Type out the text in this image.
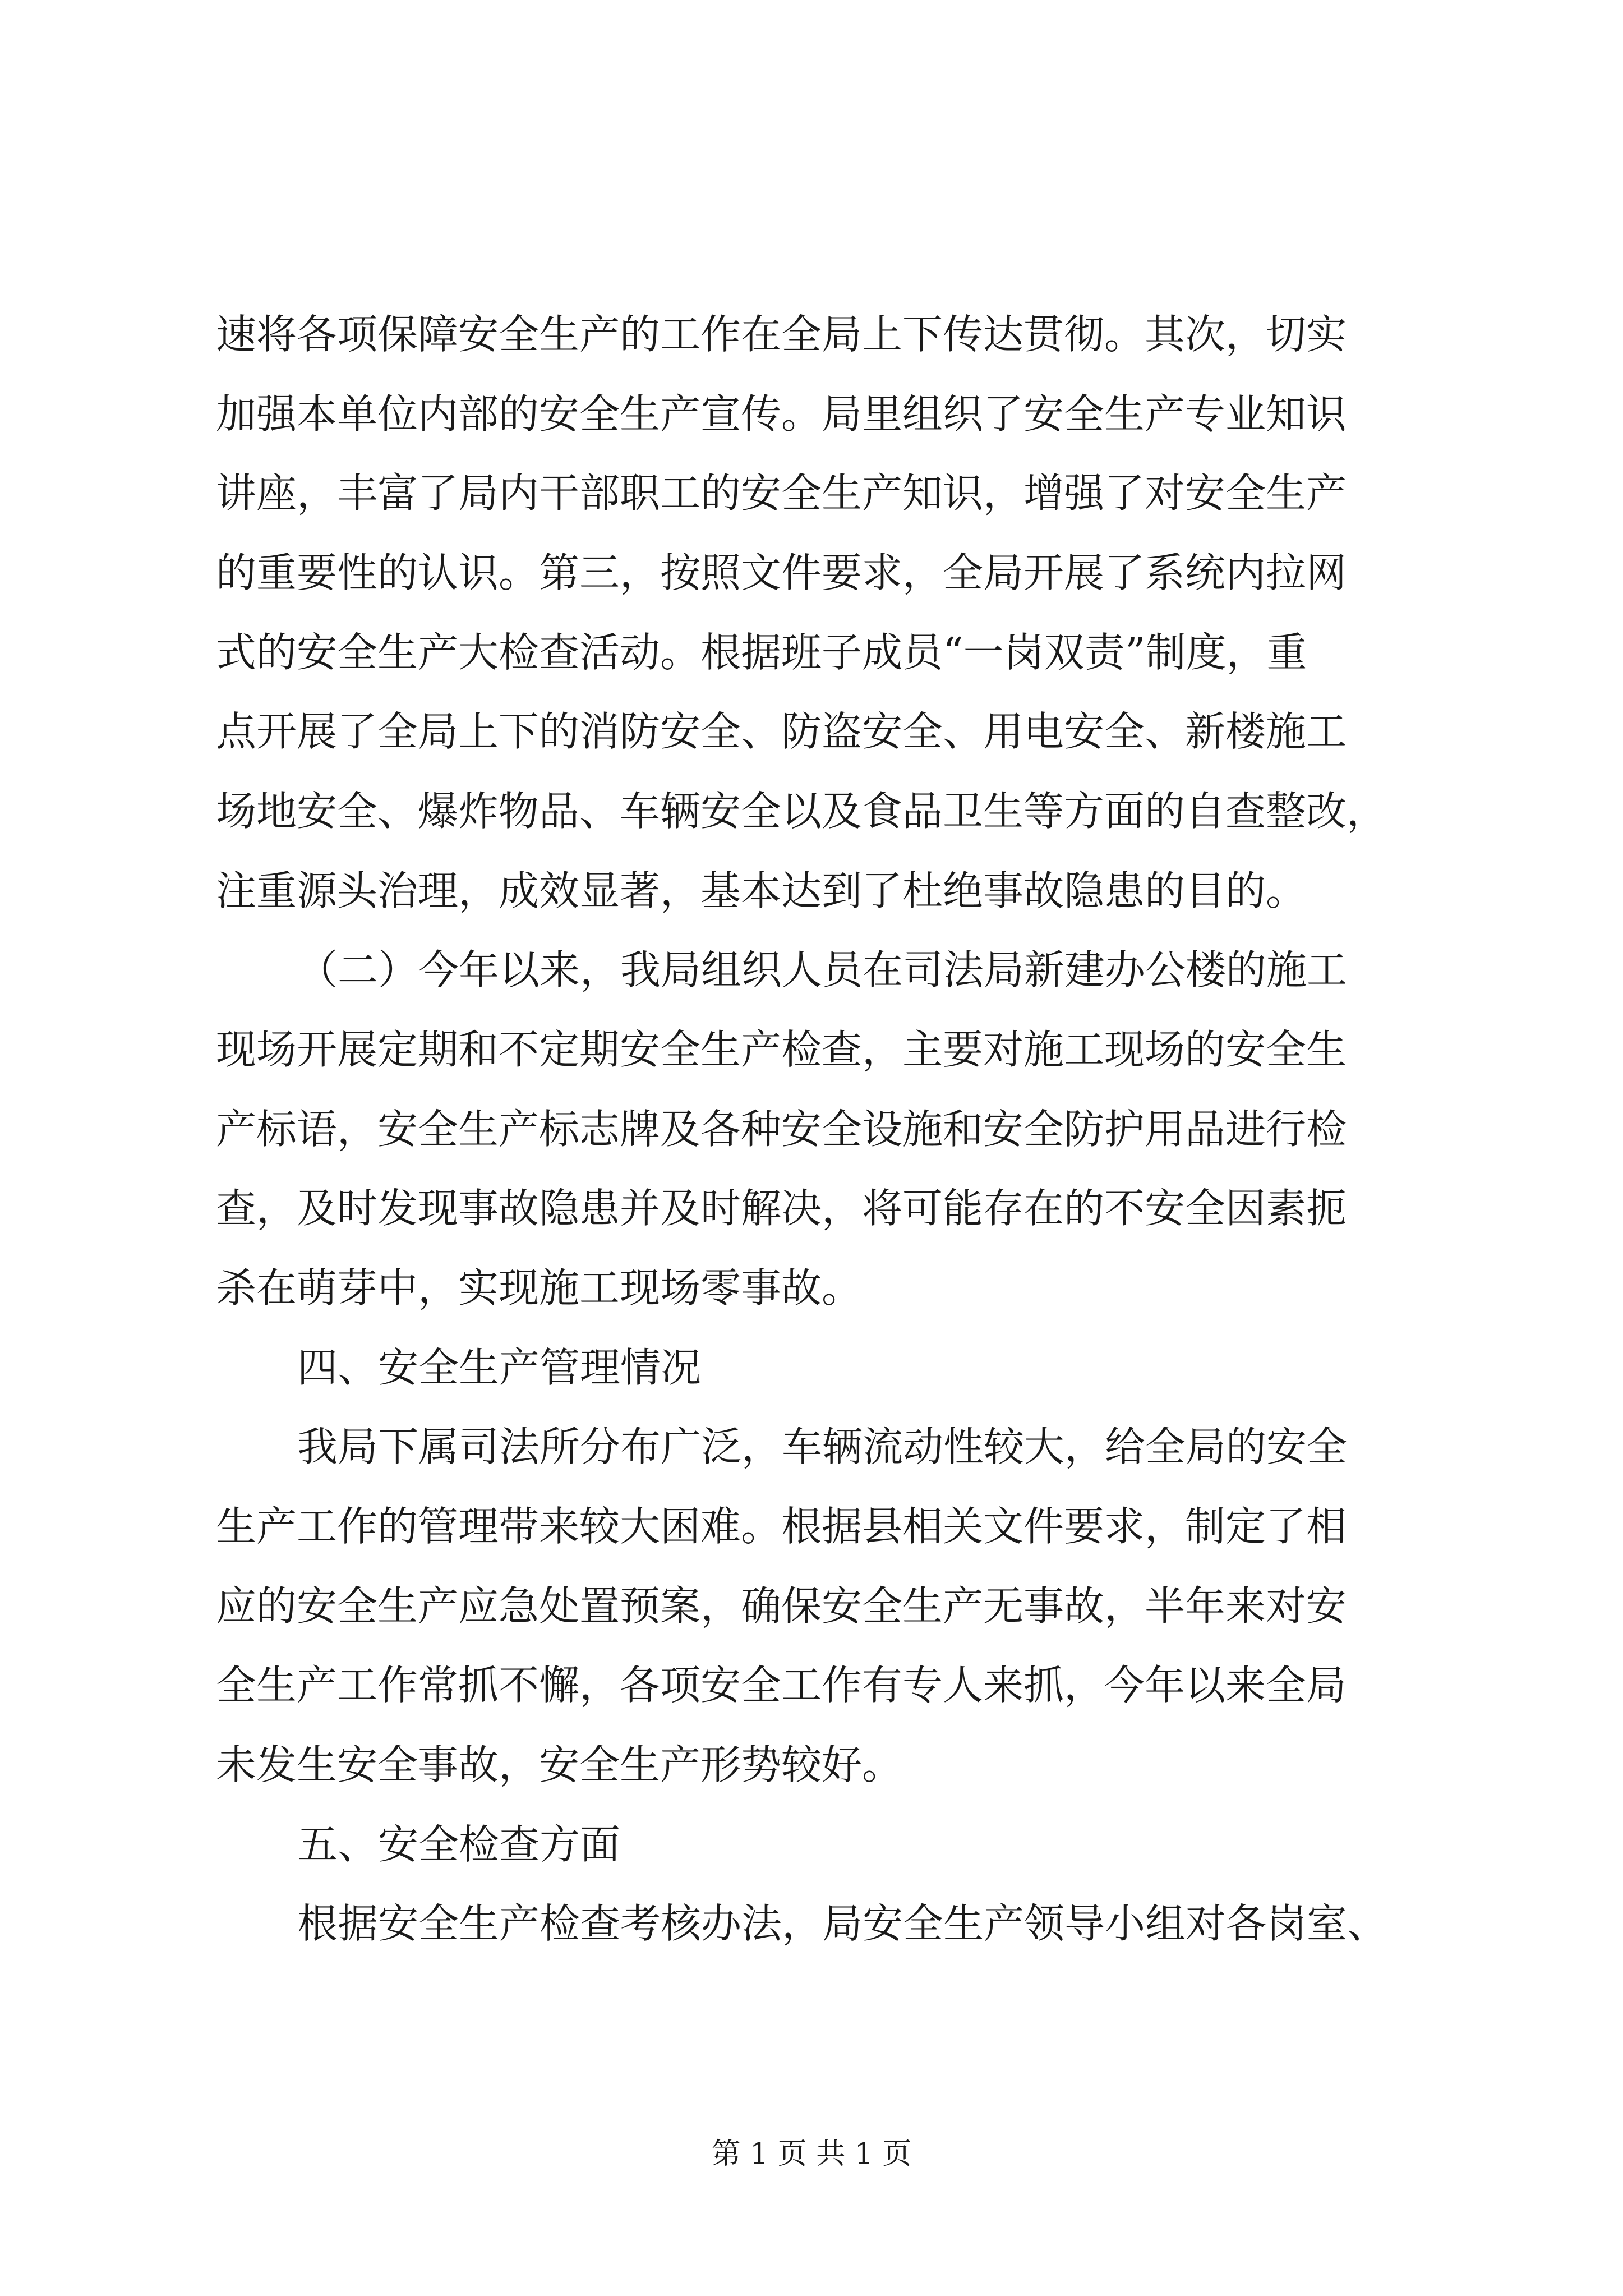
速将各项保障安全生产的工作在全局上下传达贯彻。其次，切实
加强本单位内部的安全生产宣传。局里组织了安全生产专业知识
讲座，丰富了局内干部职工的安全生产知识，增强了对安全生产
的重要性的认识。第三，按照文件要求，全局开展了系统内拉网
式的安全生产大检查活动。根据班子成员“一岗双责”制度，重
点开展了全局上下的消防安全、防盗安全、用电安全、新楼施工
场地安全、爆炸物品、车辆安全以及食品卫生等方面的自查整改，
注重源头治理，成效显著，基本达到了杜绝事故隐患的目的。
（二）今年以来，我局组织人员在司法局新建办公楼的施工
现场开展定期和不定期安全生产检查，主要对施工现场的安全生
产标语，安全生产标志牌及各种安全设施和安全防护用品进行检
查，及时发现事故隐患并及时解决，将可能存在的不安全因素扼
杀在萌芽中，实现施工现场零事故。
四、安全生产管理情况
我局下属司法所分布广泛，车辆流动性较大，给全局的安全
生产工作的管理带来较大困难。根据县相关文件要求，制定了相
应的安全生产应急处置预案，确保安全生产无事故，半年来对安
全生产工作常抓不懈，各项安全工作有专人来抓，今年以来全局
未发生安全事故，安全生产形势较好。
五、安全检查方面
根据安全生产检查考核办法，局安全生产领导小组对各岗室、
第 1 页 共 1 页
